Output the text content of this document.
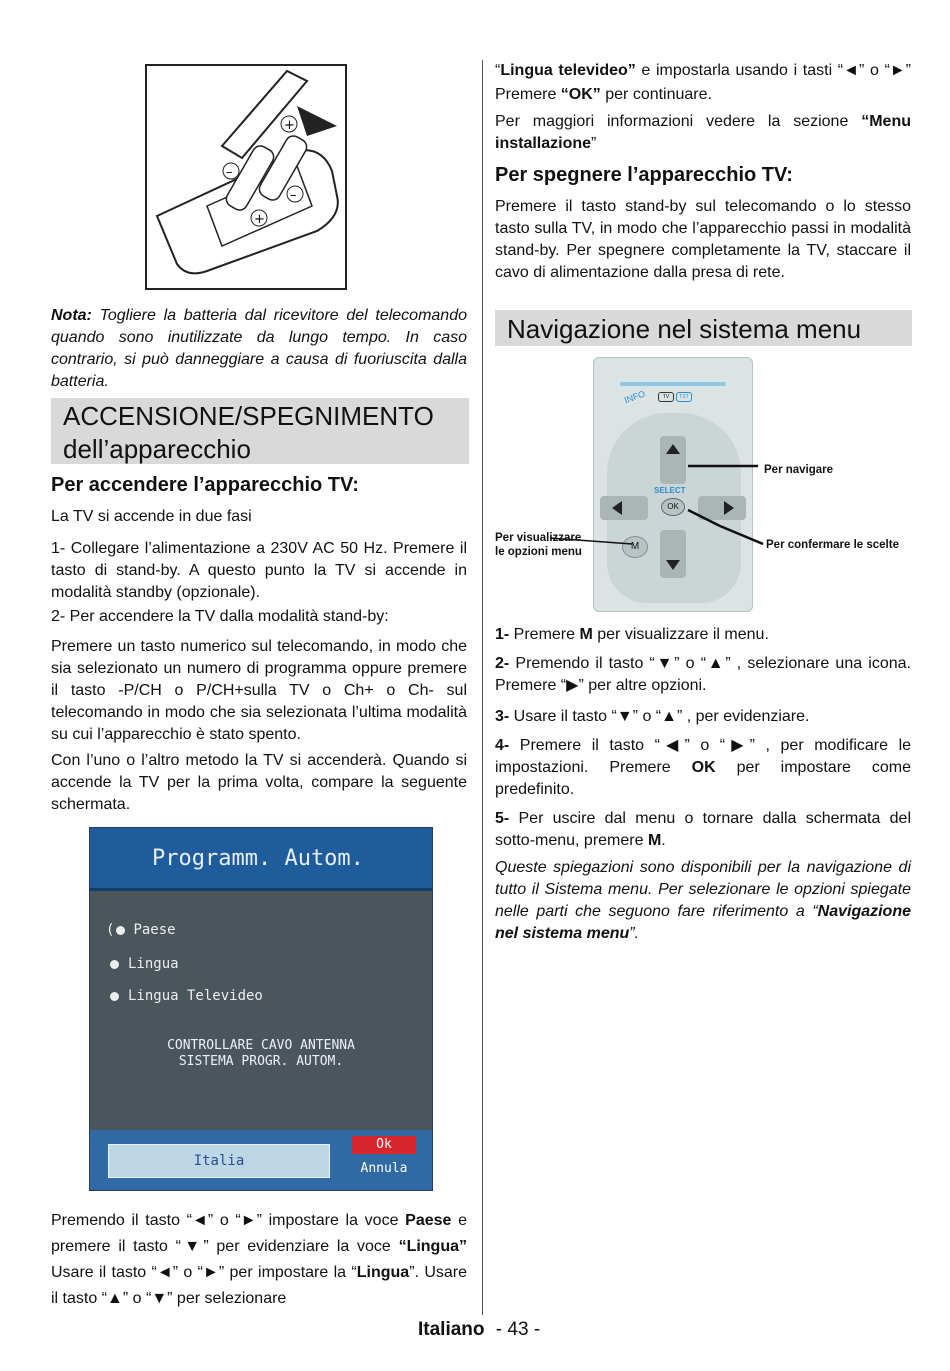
+
–
–
+

Nota: Togliere la batteria dal ricevitore del telecomando quando sono inutilizzate da lungo tempo. In caso contrario, si può danneggiare a causa di fuoriuscita dalla batteria.

ACCENSIONE/SPEGNIMENTO
dell’apparecchio
Per accendere l’apparecchio TV:

La TV si accende in due fasi

1- Collegare l’alimentazione a 230V AC 50 Hz. Premere il tasto di stand-by. A questo punto la TV si accende in modalità standby (opzionale).

2- Per accendere la TV dalla modalità stand-by:

Premere un tasto numerico sul telecomando, in modo che sia selezionato un numero di programma oppure premere il tasto -P/CH o P/CH+sulla TV o Ch+ o Ch- sul telecomando in modo che sia selezionata l’ultima modalità su cui l’apparecchio è stato spento.

Con l’uno o l’altro metodo la TV si accenderà. Quando si accende la TV per la prima volta, compare la seguente schermata.

Programm. Autom.
( Paese
Lingua
Lingua Televideo
CONTROLLARE CAVO ANTENNA
SISTEMA PROGR. AUTOM.
Italia
Ok
Annula

Premendo il tasto “◄” o “►” impostare la voce Paese e premere il tasto “▼” per evidenziare la voce “Lingua” Usare il tasto “◄” o “►” per impostare la “Lingua”. Usare il tasto “▲” o “▼” per selezionare

“Lingua televideo” e impostarla usando i tasti “◄” o “►” Premere “OK” per continuare.

Per maggiori informazioni vedere la sezione “Menu installazione”

Per spegnere l’apparecchio TV:

Premere il tasto stand-by sul telecomando o lo stesso tasto sulla TV, in modo che l’apparecchio passi in modalità stand-by. Per spegnere completamente la TV, staccare il cavo di alimentazione dalla presa di rete.

Navigazione nel sistema menu
INFO	TV	TXT
SELECT
OK
M
Per navigare
Per visualizzare
le opzioni menu
Per confermare le scelte

1- Premere M per visualizzare il menu.

2- Premendo il tasto “▼” o “▲” , selezionare una icona. Premere “▶” per altre opzioni.

3- Usare il tasto “▼” o “▲” , per evidenziare.

4- Premere il tasto “◀” o “▶” , per modificare le impostazioni. Premere OK per impostare come predefinito.

5- Per uscire dal menu o tornare dalla schermata del sotto-menu, premere M.

Queste spiegazioni sono disponibili per la navigazione di tutto il Sistema menu. Per selezionare le opzioni spiegate nelle parti che seguono fare riferimento a “Navigazione nel sistema menu”.

Italiano - 43 -
